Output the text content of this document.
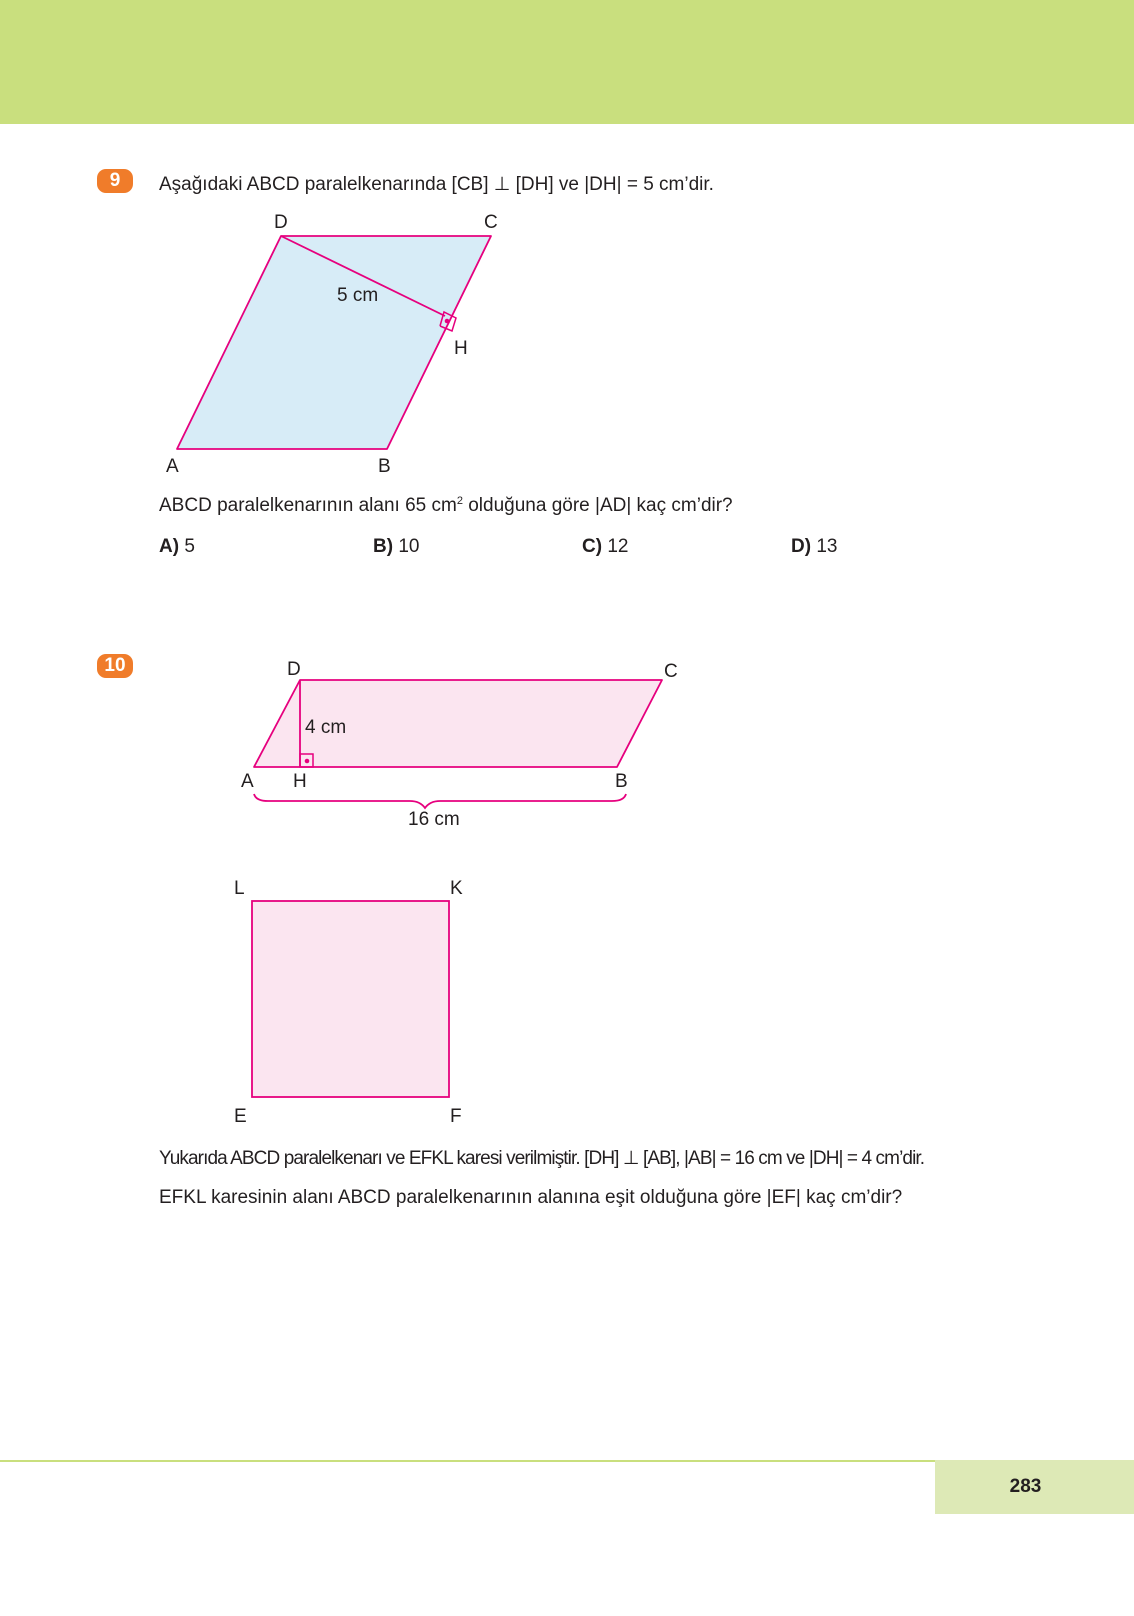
9	Aşağıdaki ABCD paralelkenarında [CB] ⊥ [DH] ve |DH| = 5 cm’dir.
D	C
H
5 cm
A	B
ABCD paralelkenarının alanı 65 $cm^2$ olduğuna göre |AD| kaç cm’dir?
A) 5	B) 10	C) 12	D) 13
10	D	C
4 cm
A H	B
16 cm
L	K
E	F
Yukarıda ABCD paralelkenarı ve EFKL karesi verilmiştir. [DH] ⊥ [AB], |AB| = 16 cm ve |DH| = 4 cm’dir.
EFKL karesinin alanı ABCD paralelkenarının alanına eşit olduğuna göre |EF| kaç cm’dir?
283
